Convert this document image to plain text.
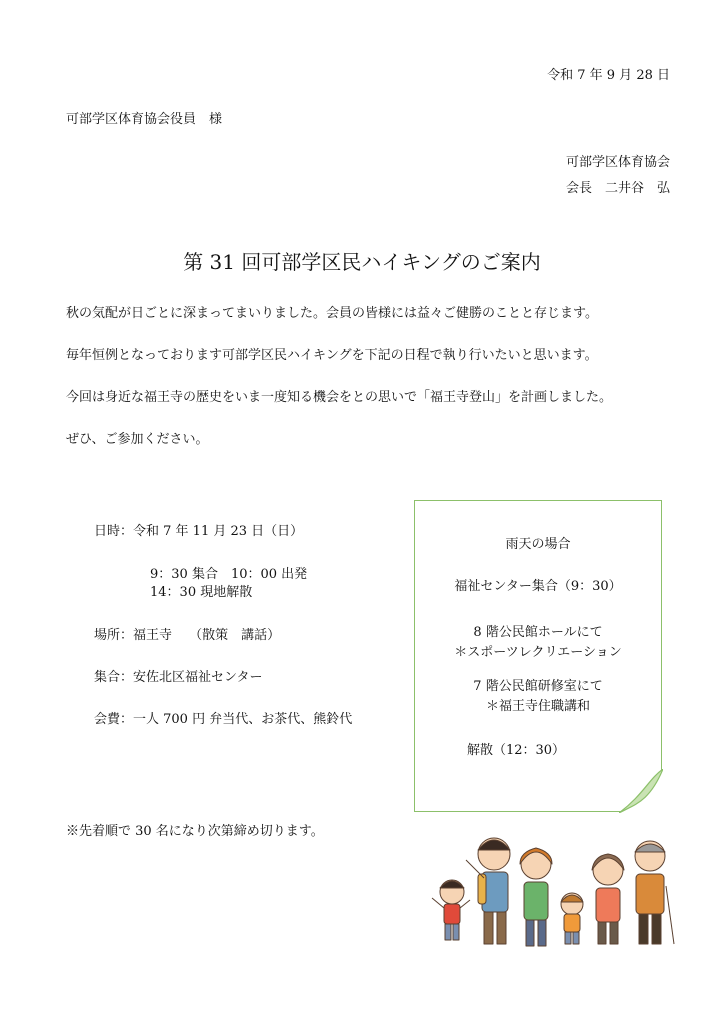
令和 7 年 9 月 28 日
可部学区体育協会役員　様
可部学区体育協会
会長　二井谷　弘
第 31 回可部学区民ハイキングのご案内
秋の気配が日ごとに深まってまいりました。会員の皆様には益々ご健勝のことと存じます。
毎年恒例となっております可部学区民ハイキングを下記の日程で執り行いたいと思います。
今回は身近な福王寺の歴史をいま一度知る機会をとの思いで「福王寺登山」を計画しました。
ぜひ、ご参加ください。
日時：令和 7 年 11 月 23 日（日）
場所：福王寺　 （散策　講話）
集合：安佐北区福祉センター
会費：一人 700 円 弁当代、お茶代、熊鈴代
9：30 集合　10：00 出発
14：30 現地解散
雨天の場合
福祉センター集合（9：30）
8 階公民館ホールにて
＊スポーツレクリエーション
7 階公民館研修室にて
＊福王寺住職講和
解散（12：30）
※先着順で 30 名になり次第締め切ります。
